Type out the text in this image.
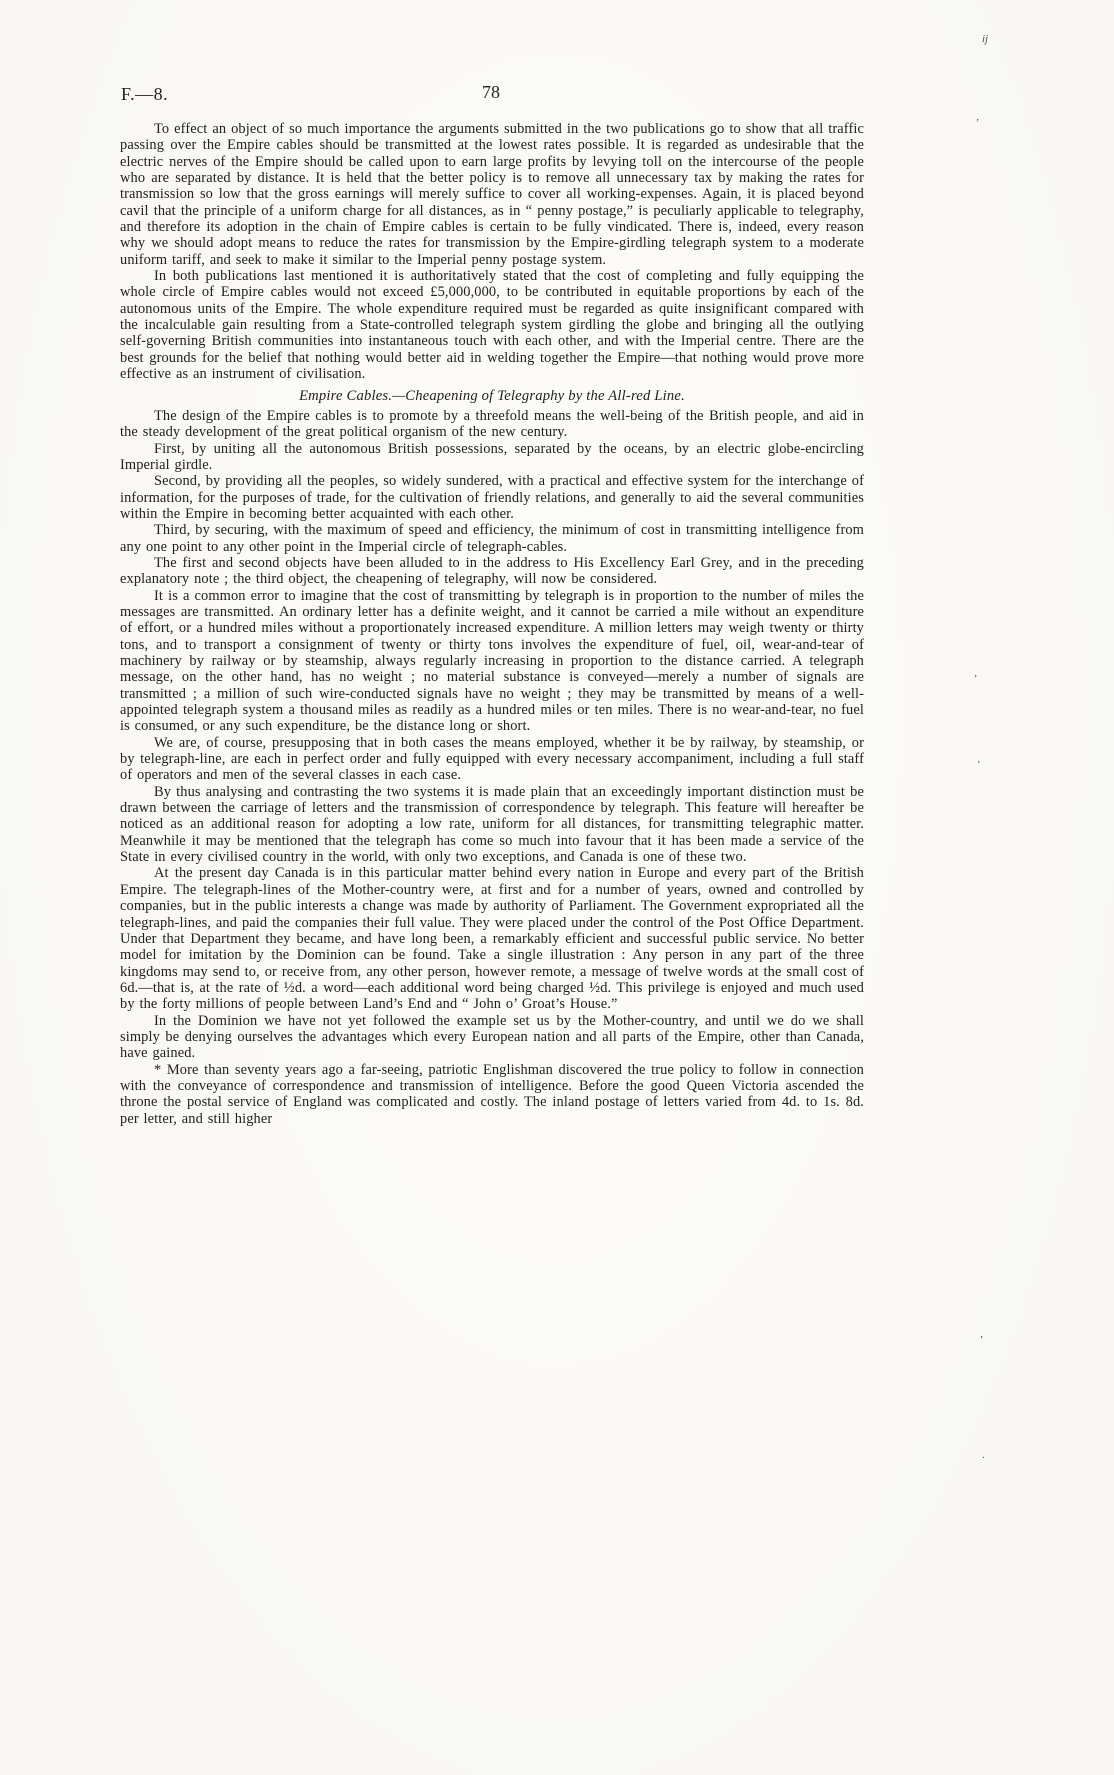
F.—8.	78

To effect an object of so much importance the arguments submitted in the two publications go to show that all traffic passing over the Empire cables should be transmitted at the lowest rates possible. It is regarded as undesirable that the electric nerves of the Empire should be called upon to earn large profits by levying toll on the intercourse of the people who are separated by distance. It is held that the better policy is to remove all unnecessary tax by making the rates for transmission so low that the gross earnings will merely suffice to cover all working-expenses. Again, it is placed beyond cavil that the principle of a uniform charge for all distances, as in “ penny postage,” is peculiarly applicable to telegraphy, and therefore its adoption in the chain of Empire cables is certain to be fully vindicated. There is, indeed, every reason why we should adopt means to reduce the rates for transmission by the Empire-girdling telegraph system to a moderate uniform tariff, and seek to make it similar to the Imperial penny postage system.

In both publications last mentioned it is authoritatively stated that the cost of completing and fully equipping the whole circle of Empire cables would not exceed £5,000,000, to be contributed in equitable proportions by each of the autonomous units of the Empire. The whole expenditure required must be regarded as quite insignificant compared with the incalculable gain resulting from a State-controlled telegraph system girdling the globe and bringing all the outlying self-governing British communities into instantaneous touch with each other, and with the Imperial centre. There are the best grounds for the belief that nothing would better aid in welding together the Empire—that nothing would prove more effective as an instrument of civilisation.

Empire Cables.—Cheapening of Telegraphy by the All-red Line.

The design of the Empire cables is to promote by a threefold means the well-being of the British people, and aid in the steady development of the great political organism of the new century.

First, by uniting all the autonomous British possessions, separated by the oceans, by an electric globe-encircling Imperial girdle.

Second, by providing all the peoples, so widely sundered, with a practical and effective system for the interchange of information, for the purposes of trade, for the cultivation of friendly relations, and generally to aid the several communities within the Empire in becoming better acquainted with each other.

Third, by securing, with the maximum of speed and efficiency, the minimum of cost in transmitting intelligence from any one point to any other point in the Imperial circle of telegraph-cables.

The first and second objects have been alluded to in the address to His Excellency Earl Grey, and in the preceding explanatory note ; the third object, the cheapening of telegraphy, will now be considered.

It is a common error to imagine that the cost of transmitting by telegraph is in proportion to the number of miles the messages are transmitted. An ordinary letter has a definite weight, and it cannot be carried a mile without an expenditure of effort, or a hundred miles without a proportionately increased expenditure. A million letters may weigh twenty or thirty tons, and to transport a consignment of twenty or thirty tons involves the expenditure of fuel, oil, wear-and-tear of machinery by railway or by steamship, always regularly increasing in proportion to the distance carried. A telegraph message, on the other hand, has no weight ; no material substance is conveyed—merely a number of signals are transmitted ; a million of such wire-conducted signals have no weight ; they may be transmitted by means of a well-appointed telegraph system a thousand miles as readily as a hundred miles or ten miles. There is no wear-and-tear, no fuel is consumed, or any such expenditure, be the distance long or short.

We are, of course, presupposing that in both cases the means employed, whether it be by railway, by steamship, or by telegraph-line, are each in perfect order and fully equipped with every necessary accompaniment, including a full staff of operators and men of the several classes in each case.

By thus analysing and contrasting the two systems it is made plain that an exceedingly important distinction must be drawn between the carriage of letters and the transmission of correspondence by telegraph. This feature will hereafter be noticed as an additional reason for adopting a low rate, uniform for all distances, for transmitting telegraphic matter. Meanwhile it may be mentioned that the telegraph has come so much into favour that it has been made a service of the State in every civilised country in the world, with only two exceptions, and Canada is one of these two.

At the present day Canada is in this particular matter behind every nation in Europe and every part of the British Empire. The telegraph-lines of the Mother-country were, at first and for a number of years, owned and controlled by companies, but in the public interests a change was made by authority of Parliament. The Government expropriated all the telegraph-lines, and paid the companies their full value. They were placed under the control of the Post Office Department. Under that Department they became, and have long been, a remarkably efficient and successful public service. No better model for imitation by the Dominion can be found. Take a single illustration : Any person in any part of the three kingdoms may send to, or receive from, any other person, however remote, a message of twelve words at the small cost of 6d.—that is, at the rate of ½d. a word—each additional word being charged ½d. This privilege is enjoyed and much used by the forty millions of people between Land’s End and “ John o’ Groat’s House.”

In the Dominion we have not yet followed the example set us by the Mother-country, and until we do we shall simply be denying ourselves the advantages which every European nation and all parts of the Empire, other than Canada, have gained.

* More than seventy years ago a far-seeing, patriotic Englishman discovered the true policy to follow in connection with the conveyance of correspondence and transmission of intelligence. Before the good Queen Victoria ascended the throne the postal service of England was complicated and costly. The inland postage of letters varied from 4d. to 1s. 8d. per letter, and still higher

ij
’
’
'
’
·
